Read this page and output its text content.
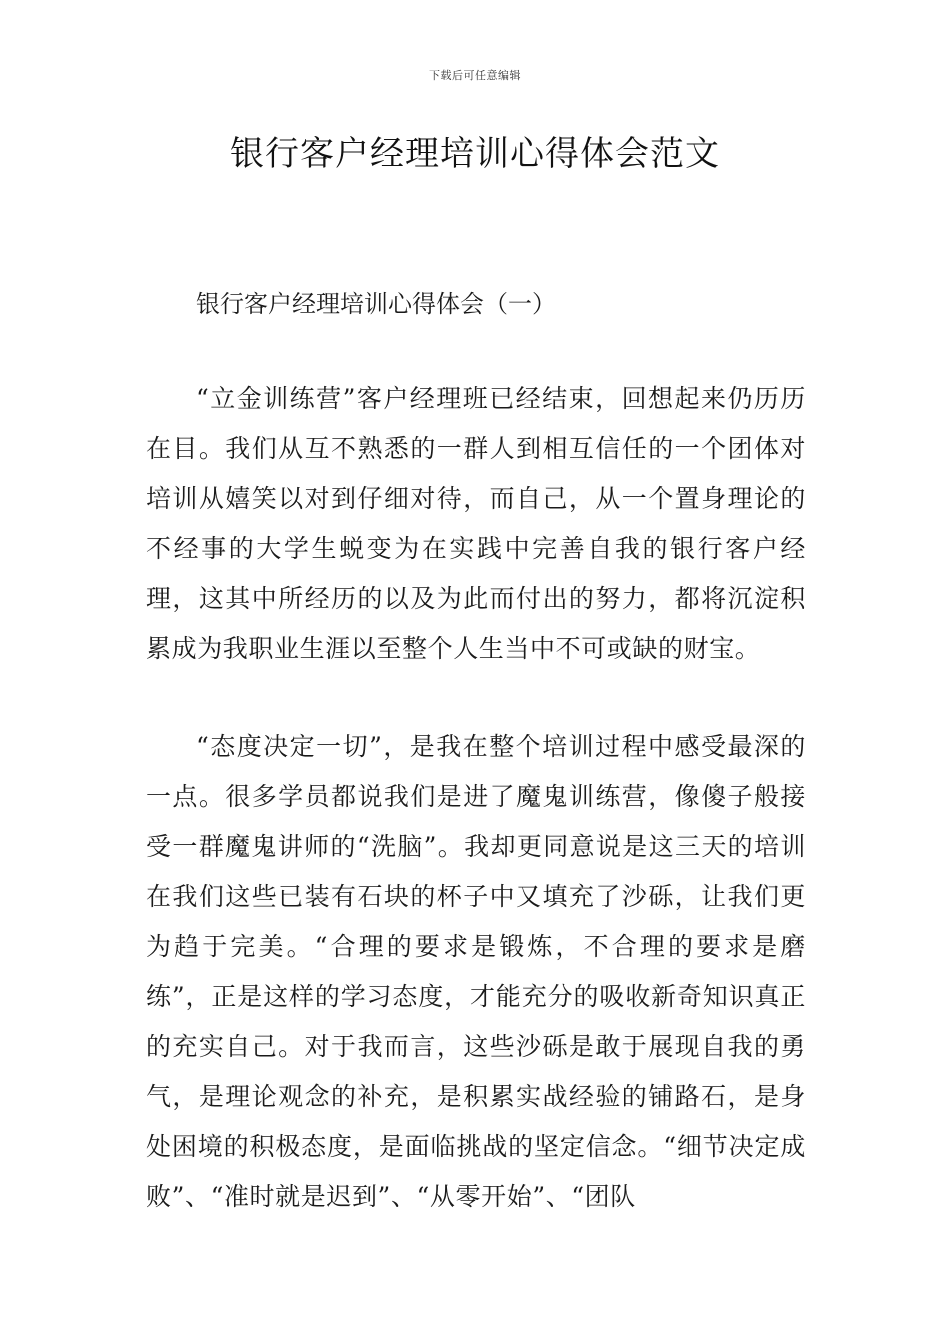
下载后可任意编辑
银行客户经理培训心得体会范文
银行客户经理培训心得体会（一）

“立金训练营”客户经理班已经结束，回想起来仍历历在目。我们从互不熟悉的一群人到相互信任的一个团体对培训从嬉笑以对到仔细对待，而自己，从一个置身理论的不经事的大学生蜕变为在实践中完善自我的银行客户经理，这其中所经历的以及为此而付出的努力，都将沉淀积累成为我职业生涯以至整个人生当中不可或缺的财宝。

“态度决定一切”，是我在整个培训过程中感受最深的一点。很多学员都说我们是进了魔鬼训练营，像傻子般接受一群魔鬼讲师的“洗脑”。我却更同意说是这三天的培训在我们这些已装有石块的杯子中又填充了沙砾，让我们更为趋于完美。“合理的要求是锻炼，不合理的要求是磨练”，正是这样的学习态度，才能充分的吸收新奇知识真正的充实自己。对于我而言，这些沙砾是敢于展现自我的勇气，是理论观念的补充，是积累实战经验的铺路石，是身处困境的积极态度，是面临挑战的坚定信念。“细节决定成败”、“准时就是迟到”、“从零开始”、“团队
